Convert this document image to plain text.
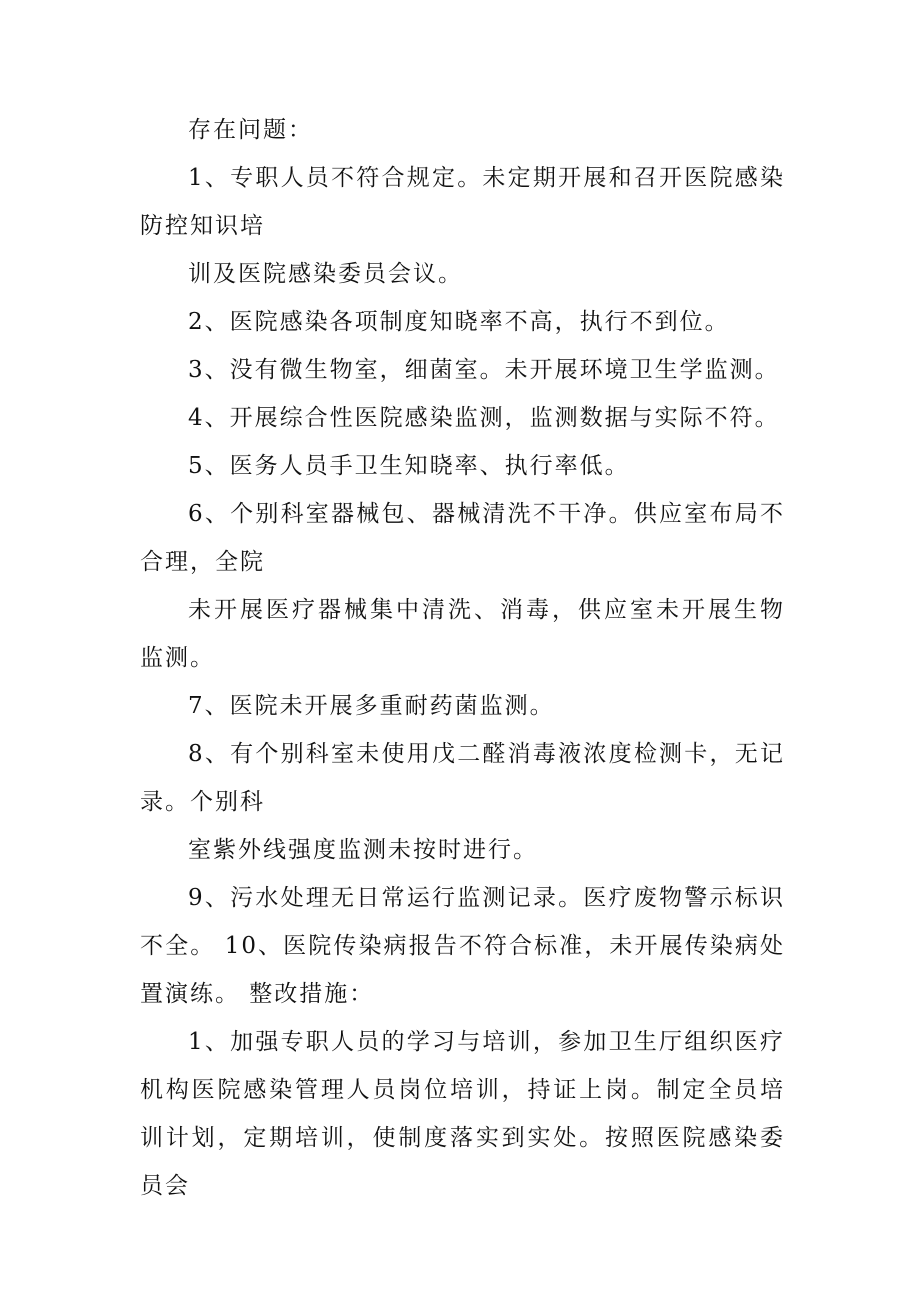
存在问题：

1、专职人员不符合规定。未定期开展和召开医院感染防控知识培

训及医院感染委员会议。

2、医院感染各项制度知晓率不高，执行不到位。

3、没有微生物室，细菌室。未开展环境卫生学监测。

4、开展综合性医院感染监测，监测数据与实际不符。

5、医务人员手卫生知晓率、执行率低。

6、个别科室器械包、器械清洗不干净。供应室布局不合理，全院

未开展医疗器械集中清洗、消毒，供应室未开展生物监测。

7、医院未开展多重耐药菌监测。

8、有个别科室未使用戊二醛消毒液浓度检测卡，无记录。个别科

室紫外线强度监测未按时进行。

9、污水处理无日常运行监测记录。医疗废物警示标识不全。 10、医院传染病报告不符合标准，未开展传染病处置演练。 整改措施：

1、加强专职人员的学习与培训，参加卫生厅组织医疗机构医院感染管理人员岗位培训，持证上岗。制定全员培训计划，定期培训，使制度落实到实处。按照医院感染委员会
